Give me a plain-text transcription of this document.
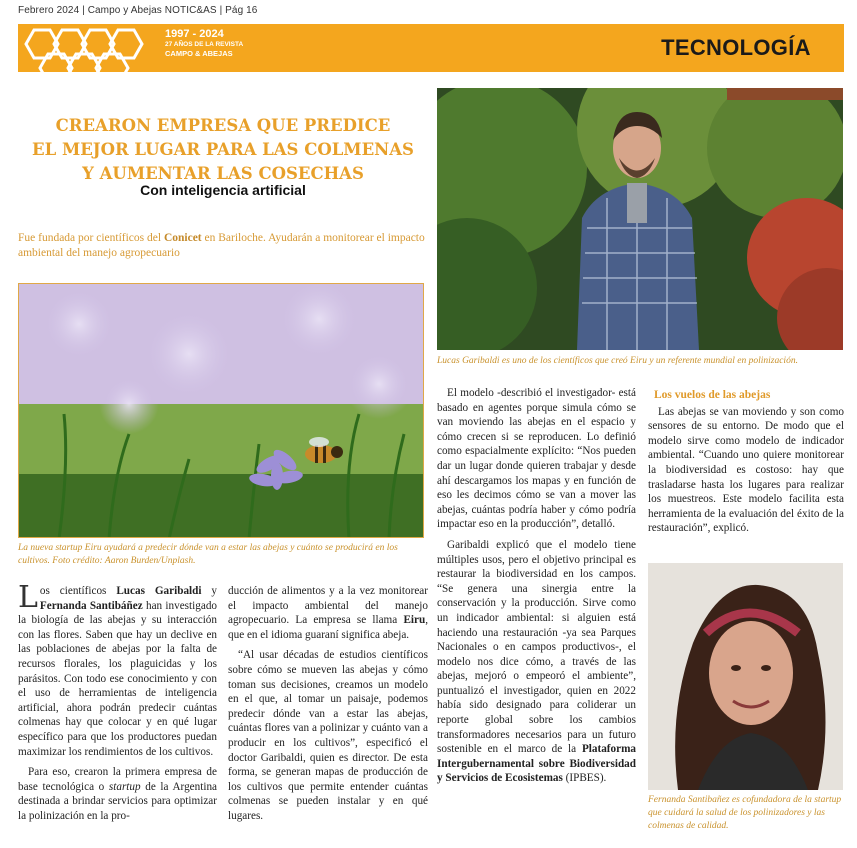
Febrero 2024 | Campo y Abejas NOTIC&AS | Pág 16
1997 - 2024
27 AÑOS DE LA REVISTA
CAMPO & ABEJAS	TECNOLOGÍA
CREARON EMPRESA QUE PREDICE
EL MEJOR LUGAR PARA LAS COLMENAS
Y AUMENTAR LAS COSECHAS
Con inteligencia artificial
Fue fundada por científicos del Conicet en Bariloche. Ayudarán a monitorear el impacto ambiental del manejo agropecuario
La nueva startup Eiru ayudará a predecir dónde van a estar las abejas y cuánto se producirá en los cultivos. Foto crédito: Aaron Burden/Unplash.
Lucas Garibaldi es uno de los científicos que creó Eiru y un referente mundial en polinización.
Fernanda Santibañez es cofundadora de la startup que cuidará la salud de los polinizadores y las colmenas de calidad.

Los científicos Lucas Garibaldi y Fernanda Santibáñez han investigado la biología de las abejas y su interacción con las flores. Saben que hay un declive en las poblaciones de abejas por la falta de recursos florales, los plaguicidas y los parásitos. Con todo ese conocimiento y con el uso de herramientas de inteligencia artificial, ahora podrán predecir cuántas colmenas hay que colocar y en qué lugar específico para que los productores puedan maximizar los rendimientos de los cultivos.

Para eso, crearon la primera empresa de base tecnológica o startup de la Argentina destinada a brindar servicios para optimizar la polinización en la pro-

ducción de alimentos y a la vez monitorear el impacto ambiental del manejo agropecuario. La empresa se llama Eiru, que en el idioma guaraní significa abeja.

“Al usar décadas de estudios científicos sobre cómo se mueven las abejas y cómo toman sus decisiones, creamos un modelo en el que, al tomar un paisaje, podemos predecir dónde van a estar las abejas, cuántas flores van a polinizar y cuánto van a producir en los cultivos”, especificó el doctor Garibaldi, quien es director. De esta forma, se generan mapas de producción de los cultivos que permite entender cuántas colmenas se pueden instalar y en qué lugares.

El modelo -describió el investigador- está basado en agentes porque simula cómo se van moviendo las abejas en el espacio y cómo crecen si se reproducen. Lo definió como espacialmente explícito: “Nos pueden dar un lugar donde quieren trabajar y desde ahí descargamos los mapas y en función de eso les decimos cómo se van a mover las abejas, cuántas podría haber y cómo podría impactar eso en la producción”, detalló.

Garibaldi explicó que el modelo tiene múltiples usos, pero el objetivo principal es restaurar la biodiversidad en los campos. “Se genera una sinergia entre la conservación y la producción. Sirve como un indicador ambiental: si alguien está haciendo una restauración -ya sea Parques Nacionales o en campos productivos-, el modelo nos dice cómo, a través de las abejas, mejoró o empeoró el ambiente”, puntualizó el investigador, quien en 2022 había sido designado para coliderar un reporte global sobre los cambios transformadores necesarios para un futuro sostenible en el marco de la Plataforma Intergubernamental sobre Biodiversidad y Servicios de Ecosistemas (IPBES).

Los vuelos de las abejas

Las abejas se van moviendo y son como sensores de su entorno. De modo que el modelo sirve como modelo de indicador ambiental. “Cuando uno quiere monitorear la biodiversidad es costoso: hay que trasladarse hasta los lugares para realizar los muestreos. Este modelo facilita esta herramienta de la evaluación del éxito de la restauración”, explicó.
